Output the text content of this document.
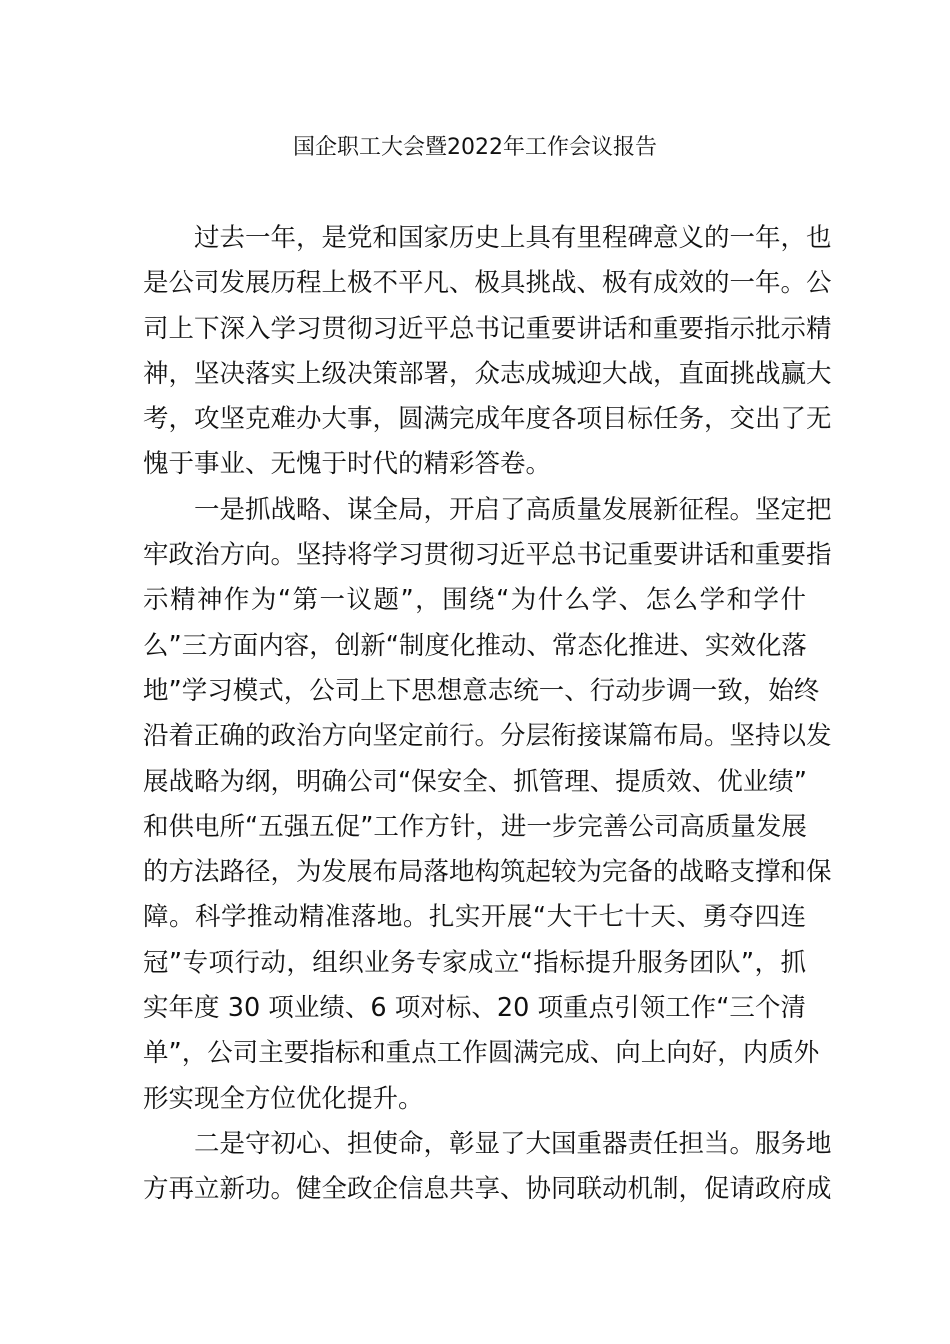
国企职工大会暨2022年工作会议报告
过去一年，是党和国家历史上具有里程碑意义的一年，也
是公司发展历程上极不平凡、极具挑战、极有成效的一年。公
司上下深入学习贯彻习近平总书记重要讲话和重要指示批示精
神，坚决落实上级决策部署，众志成城迎大战，直面挑战赢大
考，攻坚克难办大事，圆满完成年度各项目标任务，交出了无
愧于事业、无愧于时代的精彩答卷。
一是抓战略、谋全局，开启了高质量发展新征程。坚定把
牢政治方向。坚持将学习贯彻习近平总书记重要讲话和重要指
示精神作为“第一议题”，围绕“为什么学、怎么学和学什
么”三方面内容，创新“制度化推动、常态化推进、实效化落
地”学习模式，公司上下思想意志统一、行动步调一致，始终
沿着正确的政治方向坚定前行。分层衔接谋篇布局。坚持以发
展战略为纲，明确公司“保安全、抓管理、提质效、优业绩”
和供电所“五强五促”工作方针，进一步完善公司高质量发展
的方法路径，为发展布局落地构筑起较为完备的战略支撑和保
障。科学推动精准落地。扎实开展“大干七十天、勇夺四连
冠”专项行动，组织业务专家成立“指标提升服务团队”，抓
实年度 30 项业绩、6 项对标、20 项重点引领工作“三个清
单”，公司主要指标和重点工作圆满完成、向上向好，内质外
形实现全方位优化提升。
二是守初心、担使命，彰显了大国重器责任担当。服务地
方再立新功。健全政企信息共享、协同联动机制，促请政府成
